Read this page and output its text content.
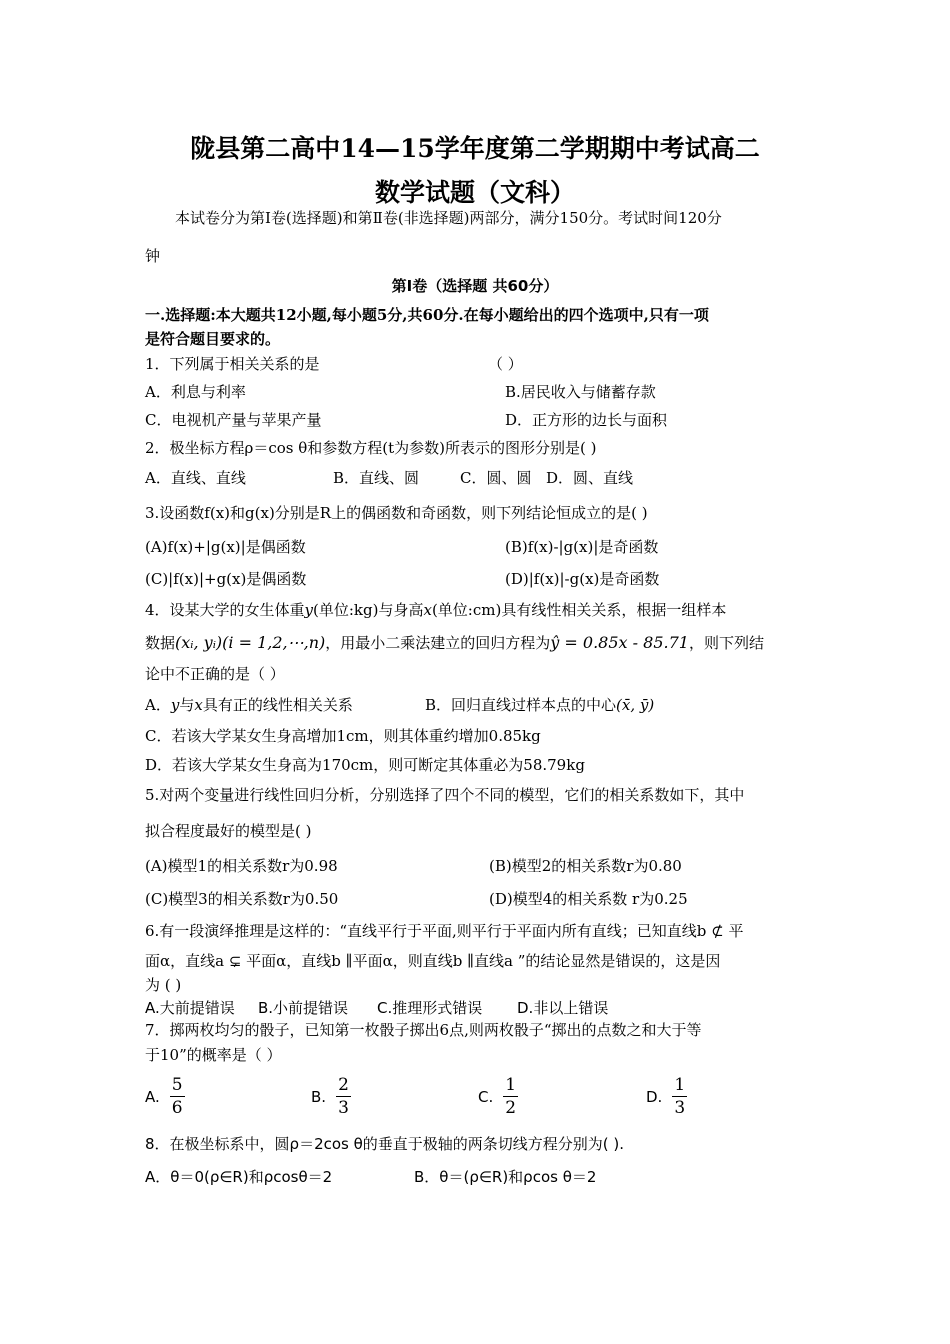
陇县第二高中14—15学年度第二学期期中考试高二
数学试题（文科）
本试卷分为第Ⅰ卷(选择题)和第Ⅱ卷(非选择题)两部分，满分150分。考试时间120分
钟
第Ⅰ卷（选择题 共60分）
一.选择题:本大题共12小题,每小题5分,共60分.在每小题给出的四个选项中,只有一项
是符合题目要求的。
1．下列属于相关关系的是	（ ）
A．利息与利率	B.居民收入与储蓄存款
C．电视机产量与苹果产量	D．正方形的边长与面积
2．极坐标方程ρ＝cos θ和参数方程(t为参数)所表示的图形分别是( )
A．直线、直线	B．直线、圆	C．圆、圆 D．圆、直线
3.设函数f(x)和g(x)分别是R上的偶函数和奇函数，则下列结论恒成立的是( )
(A)f(x)+|g(x)|是偶函数	(B)f(x)-|g(x)|是奇函数
(C)|f(x)|+g(x)是偶函数	(D)|f(x)|-g(x)是奇函数
4．设某大学的女生体重y(单位:kg)与身高x(单位:cm)具有线性相关关系，根据一组样本
数据(xᵢ, yᵢ)(i = 1,2,⋯,n)，用最小二乘法建立的回归方程为ŷ = 0.85x - 85.71，则下列结
论中不正确的是（ ）
A．y与x具有正的线性相关关系	B．回归直线过样本点的中心(x̄, ȳ)
C．若该大学某女生身高增加1cm，则其体重约增加0.85kg
D．若该大学某女生身高为170cm，则可断定其体重必为58.79kg
5.对两个变量进行线性回归分析，分别选择了四个不同的模型，它们的相关系数如下，其中
拟合程度最好的模型是( )
(A)模型1的相关系数r为0.98	(B)模型2的相关系数r为0.80
(C)模型3的相关系数r为0.50	(D)模型4的相关系数 r为0.25
6.有一段演绎推理是这样的：“直线平行于平面,则平行于平面内所有直线；已知直线b ⊄ 平
面α，直线a ⊊ 平面α，直线b ∥平面α，则直线b ∥直线a ”的结论显然是错误的，这是因
为 ( )
A.大前提错误 B.小前提错误 C.推理形式错误 D.非以上错误
7．掷两枚均匀的骰子，已知第一枚骰子掷出6点,则两枚骰子“掷出的点数之和大于等
于10”的概率是（ ）
A. $\frac{5}{6}$	B. $\frac{2}{3}$	C. $\frac{1}{2}$	D. $\frac{1}{3}$
8．在极坐标系中，圆ρ＝2cos θ的垂直于极轴的两条切线方程分别为( ).
A．θ＝0(ρ∈R)和ρcosθ＝2	B．θ＝(ρ∈R)和ρcos θ＝2
